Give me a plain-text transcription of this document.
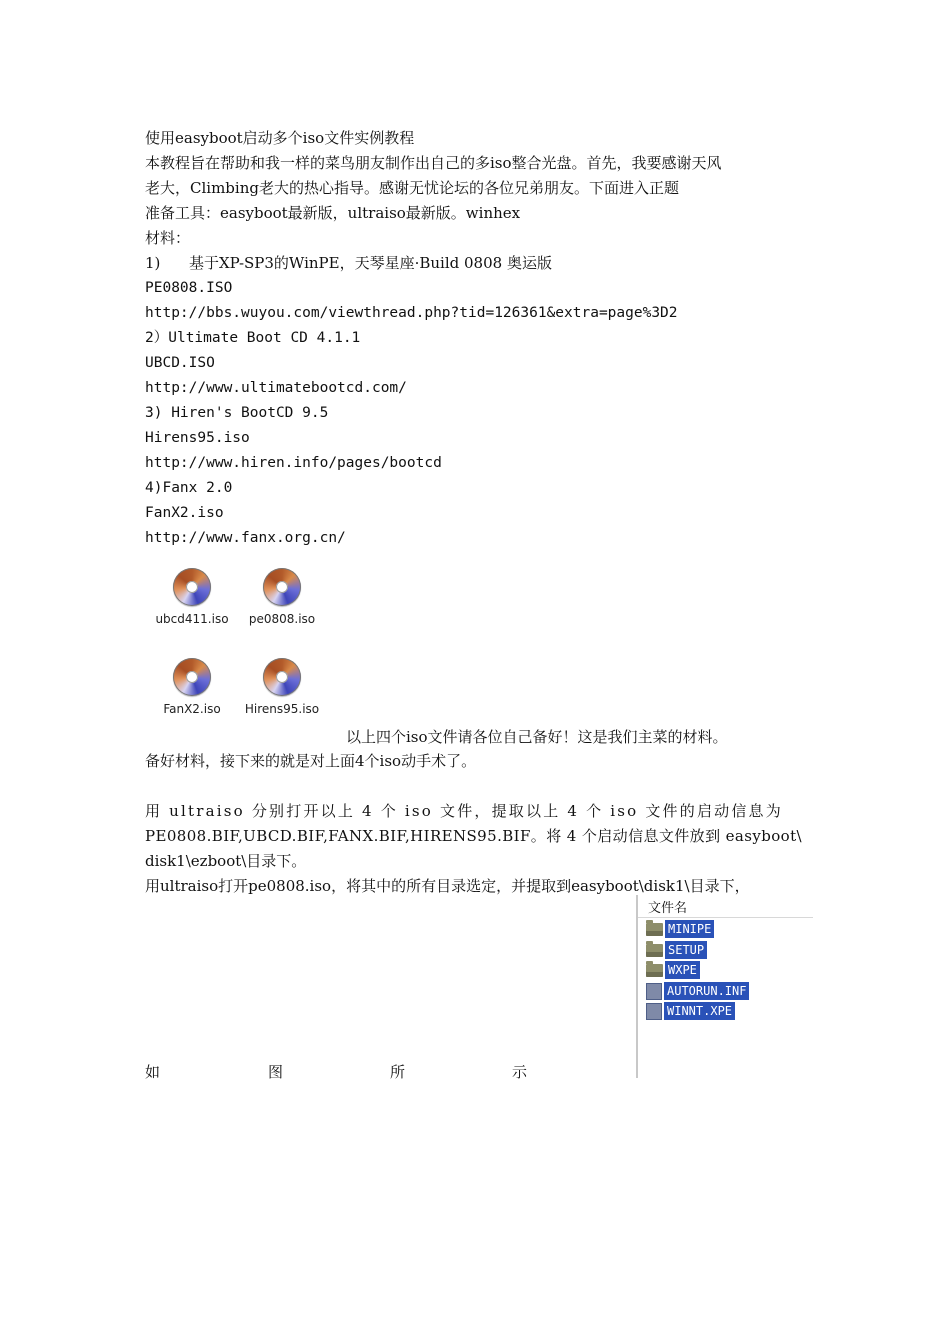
使用easyboot启动多个iso文件实例教程
本教程旨在帮助和我一样的菜鸟朋友制作出自己的多iso整合光盘。首先，我要感谢天风
老大，Climbing老大的热心指导。感谢无忧论坛的各位兄弟朋友。下面进入正题
准备工具：easyboot最新版，ultraiso最新版。winhex
材料：
1)      基于XP-SP3的WinPE，天琴星座·Build 0808 奥运版
PE0808.ISO
http://bbs.wuyou.com/viewthread.php?tid=126361&extra=page%3D2
2）Ultimate Boot CD 4.1.1
UBCD.ISO
http://www.ultimatebootcd.com/
3) Hiren's BootCD 9.5
Hirens95.iso
http://www.hiren.info/pages/bootcd
4)Fanx 2.0
FanX2.iso
http://www.fanx.org.cn/
ubcd411.iso	pe0808.iso
FanX2.iso	Hirens95.iso
以上四个iso文件请各位自己备好！这是我们主菜的材料。
备好材料，接下来的就是对上面4个iso动手术了。
用 ultraiso 分别打开以上 4 个 iso 文件，提取以上 4 个 iso 文件的启动信息为
PE0808.BIF,UBCD.BIF,FANX.BIF,HIRENS95.BIF。将 4 个启动信息文件放到 easyboot\
disk1\ezboot\目录下。
用ultraiso打开pe0808.iso，将其中的所有目录选定，并提取到easyboot\disk1\目录下，
如	图	所	示
文件名
MINIPE
SETUP
WXPE
AUTORUN.INF
WINNT.XPE
